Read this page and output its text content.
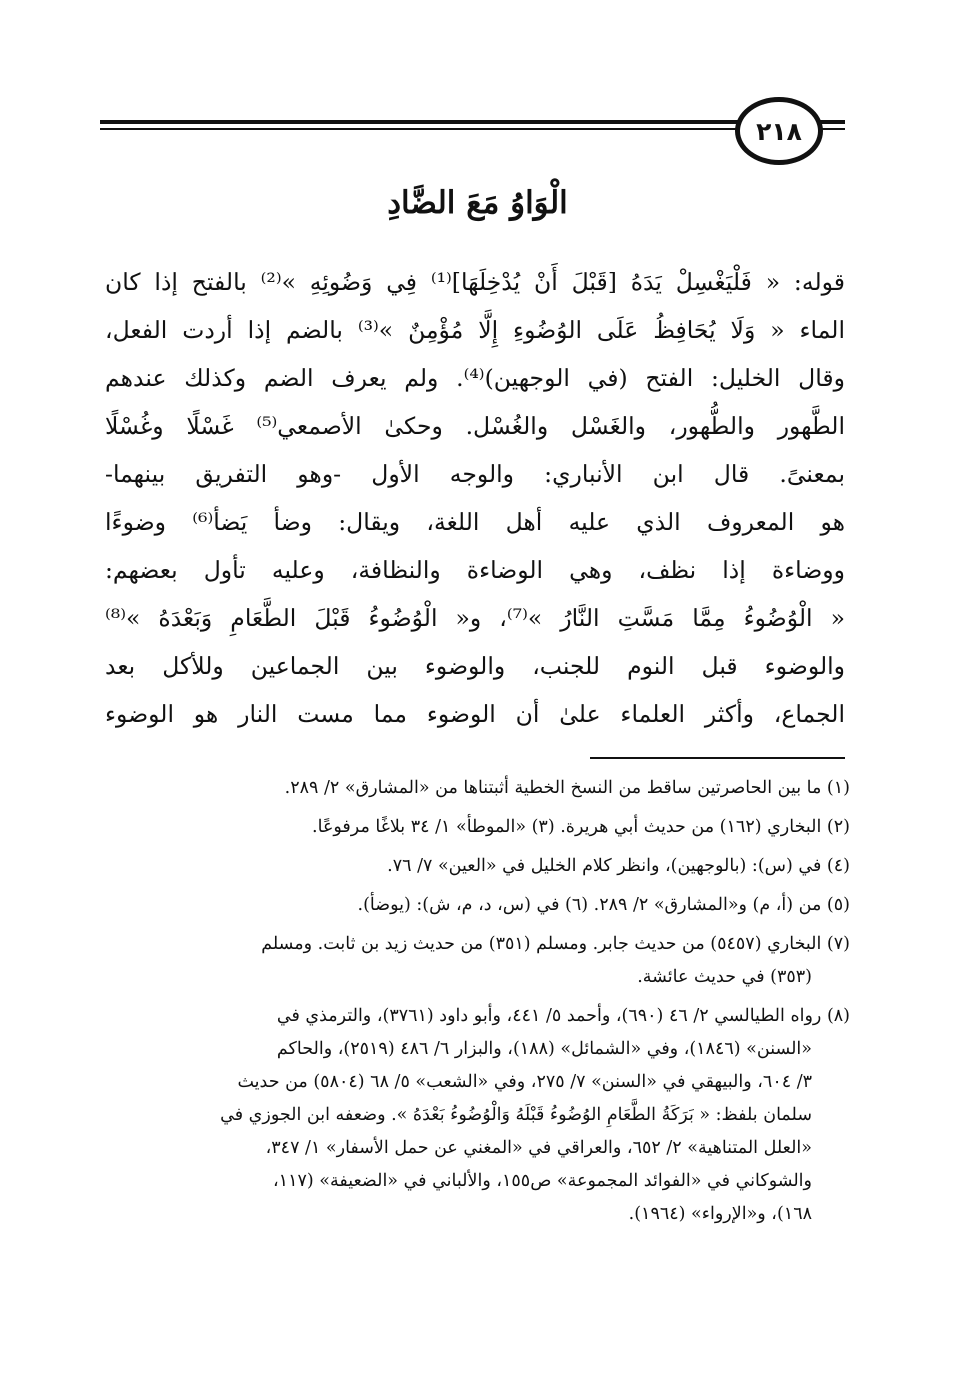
٢١٨
الْوَاوُ مَعَ الضَّادِ
قوله: « فَلْيَغْسِلْ يَدَهُ [قَبْلَ أَنْ يُدْخِلَهَا]⁽¹⁾ فِي وَضُوئِهِ »⁽²⁾ بالفتح إذا كان
الماء « وَلَا يُحَافِظُ عَلَى الوُضُوءِ إِلَّا مُؤْمِنٌ »⁽³⁾ بالضم إذا أردت الفعل،
وقال الخليل: الفتح (في الوجهين)⁽⁴⁾. ولم يعرف الضم وكذلك عندهم
الطَّهور والطُّهور، والغَسْل والغُسْل. وحكىٰ الأصمعي⁽⁵⁾ غَسْلًا وغُسْلًا
بمعنىً. قال ابن الأنباري: والوجه الأول -وهو التفريق بينهما-
هو المعروف الذي عليه أهل اللغة، ويقال: وضأ يَضأ⁽⁶⁾ وضوءًا
ووضاءة إذا نظف، وهي الوضاءة والنظافة، وعليه تأول بعضهم:
« الْوُضُوءُ مِمَّا مَسَّتِ النَّارُ »⁽⁷⁾، و« الْوُضُوءُ قَبْلَ الطَّعَامِ وَبَعْدَهُ »⁽⁸⁾
والوضوء قبل النوم للجنب، والوضوء بين الجماعين وللأكل بعد
الجماع، وأكثر العلماء علىٰ أن الوضوء مما مست النار هو الوضوء
(١) ما بين الحاصرتين ساقط من النسخ الخطية أثبتناها من «المشارق» ٢/ ٢٨٩.
(٢) البخاري (١٦٢) من حديث أبي هريرة. (٣) «الموطأ» ١/ ٣٤ بلاغًا مرفوعًا.
(٤) في (س): (بالوجهين)، وانظر كلام الخليل في «العين» ٧/ ٧٦.
(٥) من (أ، م) و«المشارق» ٢/ ٢٨٩. (٦) في (س، د، م، ش): (يوضأ).
(٧) البخاري (٥٤٥٧) من حديث جابر. ومسلم (٣٥١) من حديث زيد بن ثابت. ومسلم
(٣٥٣) في حديث عائشة.
(٨) رواه الطيالسي ٢/ ٤٦ (٦٩٠)، وأحمد ٥/ ٤٤١، وأبو داود (٣٧٦١)، والترمذي في
«السنن» (١٨٤٦)، وفي «الشمائل» (١٨٨)، والبزار ٦/ ٤٨٦ (٢٥١٩)، والحاكم
٣/ ٦٠٤، والبيهقي في «السنن» ٧/ ٢٧٥، وفي «الشعب» ٥/ ٦٨ (٥٨٠٤) من حديث
سلمان بلفظ: « بَرَكَةُ الطَّعَامِ الوُضُوءُ قَبْلَهُ وَالْوُضُوءُ بَعْدَهُ ». وضعفه ابن الجوزي في
«العلل المتناهية» ٢/ ٦٥٢، والعراقي في «المغني عن حمل الأسفار» ١/ ٣٤٧،
والشوكاني في «الفوائد المجموعة» ص١٥٥، والألباني في «الضعيفة» (١١٧،
١٦٨)، و«الإرواء» (١٩٦٤).
